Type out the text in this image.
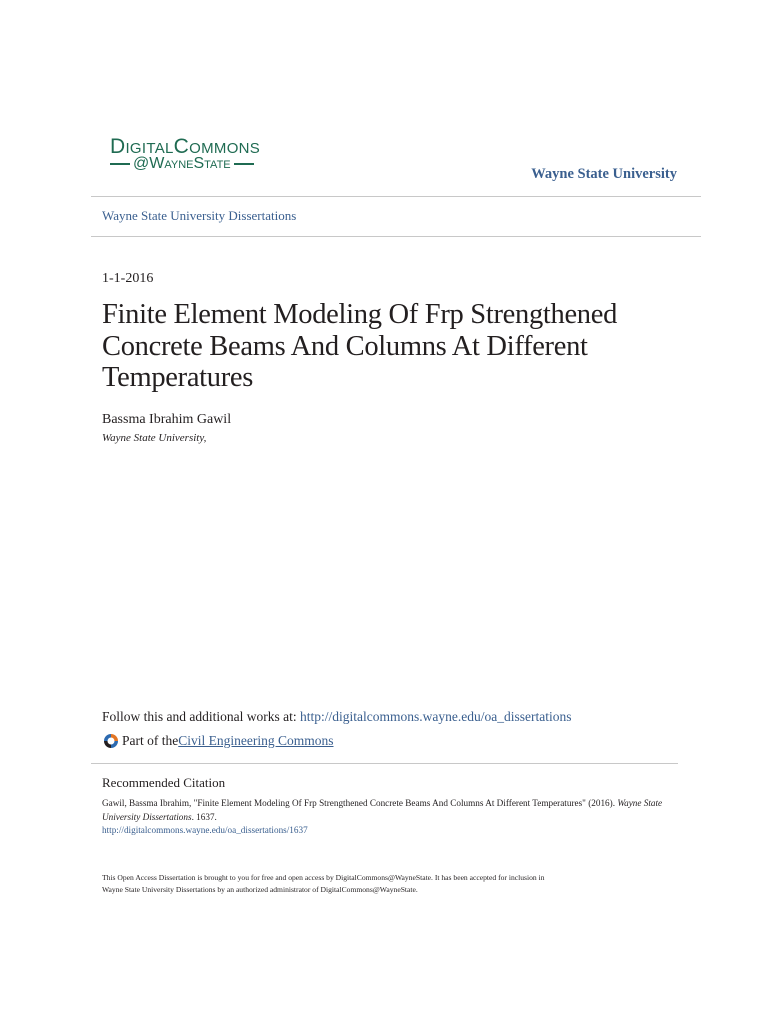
DigitalCommons
@WayneState
Wayne State University
Wayne State University Dissertations
1-1-2016
Finite Element Modeling Of Frp Strengthened
Concrete Beams And Columns At Different
Temperatures
Bassma Ibrahim Gawil
Wayne State University,
Follow this and additional works at: http://digitalcommons.wayne.edu/oa_dissertations
Part of the Civil Engineering Commons
Recommended Citation
Gawil, Bassma Ibrahim, "Finite Element Modeling Of Frp Strengthened Concrete Beams And Columns At Different Temperatures" (2016). Wayne State University Dissertations. 1637.
http://digitalcommons.wayne.edu/oa_dissertations/1637
This Open Access Dissertation is brought to you for free and open access by DigitalCommons@WayneState. It has been accepted for inclusion in
Wayne State University Dissertations by an authorized administrator of DigitalCommons@WayneState.
